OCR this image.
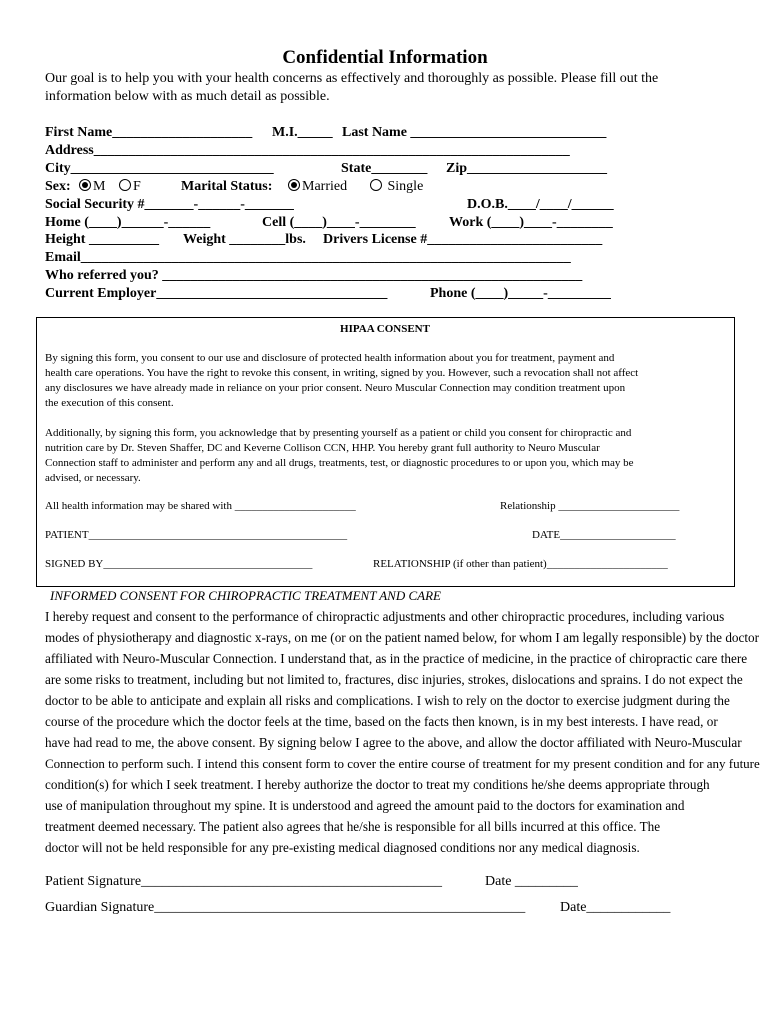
Confidential Information
Our goal is to help you with your health concerns as effectively and thoroughly as possible. Please fill out the
information below with as much detail as possible.
First Name____________________ M.I._____ Last Name ____________________________
Address____________________________________________________________________
City_____________________________	State________ Zip____________________
Sex:	M	F	Marital Status:	Married	Single
Social Security #_______-______-_______	D.O.B.____/____/______
Home (____)______-______	Cell (____)____-________ Work (____)____-________
Height __________ Weight ________lbs. Drivers License #_________________________
Email______________________________________________________________________
Who referred you? ____________________________________________________________
Current Employer_________________________________	Phone (____)_____-_________
HIPAA CONSENT
By signing this form, you consent to our use and disclosure of protected health information about you for treatment, payment and
health care operations. You have the right to revoke this consent, in writing, signed by you. However, such a revocation shall not affect
any disclosures we have already made in reliance on your prior consent. Neuro Muscular Connection may condition treatment upon
the execution of this consent.
Additionally, by signing this form, you acknowledge that by presenting yourself as a patient or child you consent for chiropractic and
nutrition care by Dr. Steven Shaffer, DC and Keverne Collison CCN, HHP. You hereby grant full authority to Neuro Muscular
Connection staff to administer and perform any and all drugs, treatments, test, or diagnostic procedures to or upon you, which may be
advised, or necessary.
All health information may be shared with ______________________	Relationship ______________________
PATIENT_______________________________________________	DATE_____________________
SIGNED BY______________________________________	RELATIONSHIP (if other than patient)______________________
INFORMED CONSENT FOR CHIROPRACTIC TREATMENT AND CARE
I hereby request and consent to the performance of chiropractic adjustments and other chiropractic procedures, including various
modes of physiotherapy and diagnostic x-rays, on me (or on the patient named below, for whom I am legally responsible) by the doctor
affiliated with Neuro-Muscular Connection. I understand that, as in the practice of medicine, in the practice of chiropractic care there
are some risks to treatment, including but not limited to, fractures, disc injuries, strokes, dislocations and sprains. I do not expect the
doctor to be able to anticipate and explain all risks and complications. I wish to rely on the doctor to exercise judgment during the
course of the procedure which the doctor feels at the time, based on the facts then known, is in my best interests. I have read, or
have had read to me, the above consent. By signing below I agree to the above, and allow the doctor affiliated with Neuro-Muscular
Connection to perform such. I intend this consent form to cover the entire course of treatment for my present condition and for any future
condition(s) for which I seek treatment. I hereby authorize the doctor to treat my conditions he/she deems appropriate through
use of manipulation throughout my spine. It is understood and agreed the amount paid to the doctors for examination and
treatment deemed necessary. The patient also agrees that he/she is responsible for all bills incurred at this office. The
doctor will not be held responsible for any pre-existing medical diagnosed conditions nor any medical diagnosis.
Patient Signature___________________________________________	Date _________
Guardian Signature_____________________________________________________ Date____________
